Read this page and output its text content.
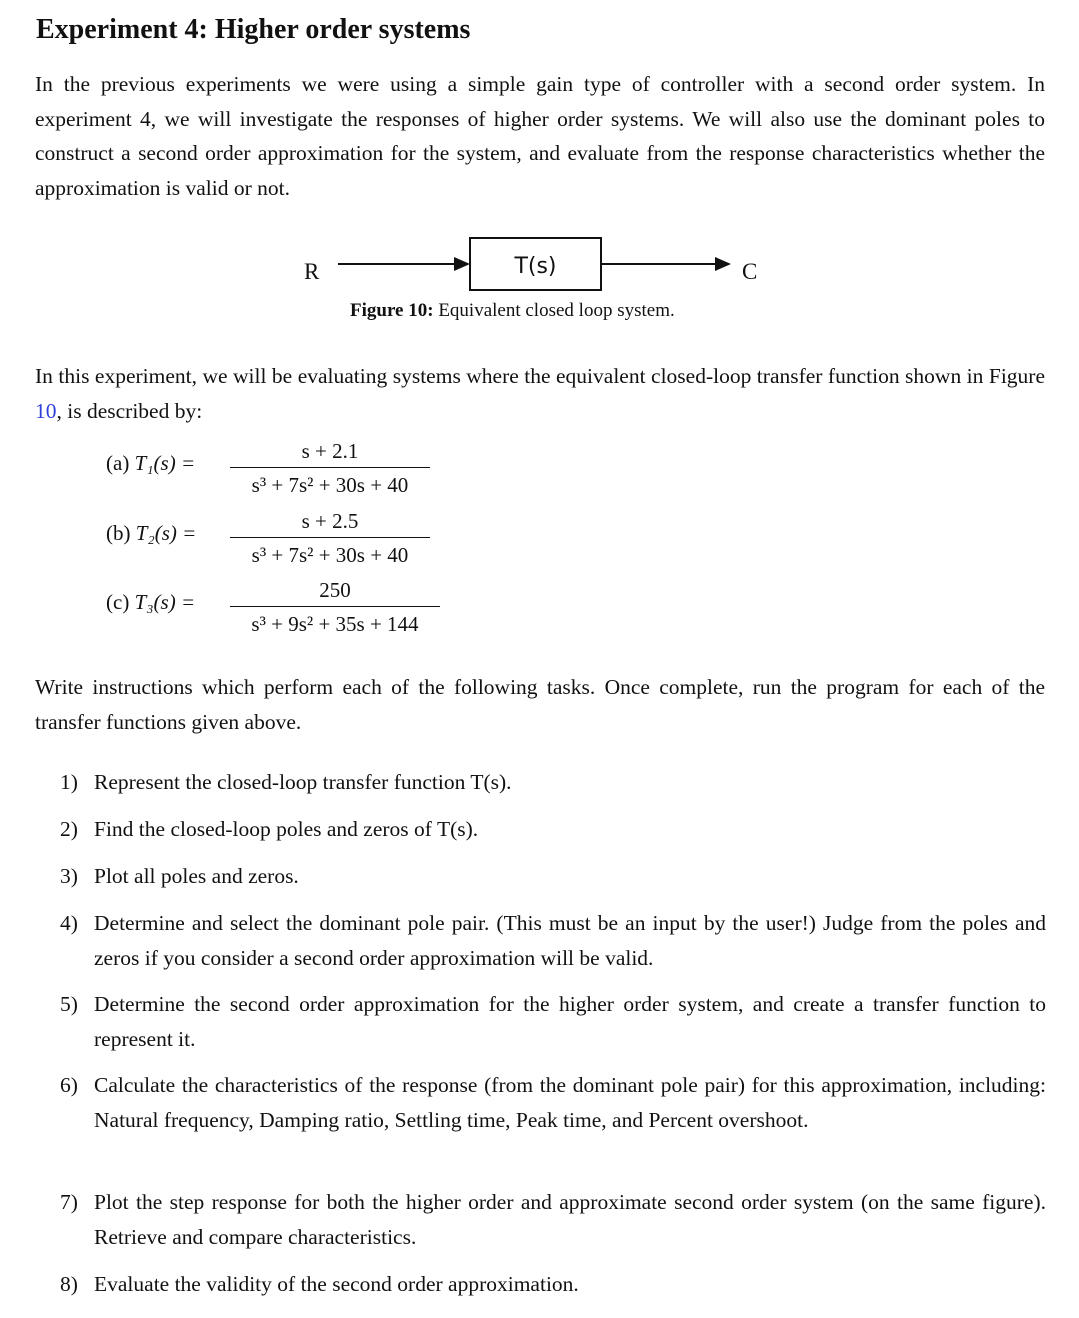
Experiment 4: Higher order systems

In the previous experiments we were using a simple gain type of controller with a second order system. In experiment 4, we will investigate the responses of higher order systems. We will also use the dominant poles to construct a second order approximation for the system, and evaluate from the response characteristics whether the approximation is valid or not.

R	T(s)	C
Figure 10: Equivalent closed loop system.

In this experiment, we will be evaluating systems where the equivalent closed-loop transfer function shown in Figure 10, is described by:

(a) T₁(s) =	s + 2.1
s³ + 7s² + 30s + 40
(b) T₂(s) =	s + 2.5
s³ + 7s² + 30s + 40
(c) T₃(s) =	250
s³ + 9s² + 35s + 144

Write instructions which perform each of the following tasks. Once complete, run the program for each of the transfer functions given above.

1) Represent the closed-loop transfer function T(s).
2) Find the closed-loop poles and zeros of T(s).
3) Plot all poles and zeros.
4) Determine and select the dominant pole pair. (This must be an input by the user!) Judge from the poles and zeros if you consider a second order approximation will be valid.
5) Determine the second order approximation for the higher order system, and create a transfer function to represent it.
6) Calculate the characteristics of the response (from the dominant pole pair) for this approximation, including: Natural frequency, Damping ratio, Settling time, Peak time, and Percent overshoot.
7) Plot the step response for both the higher order and approximate second order system (on the same figure). Retrieve and compare characteristics.
8) Evaluate the validity of the second order approximation.
